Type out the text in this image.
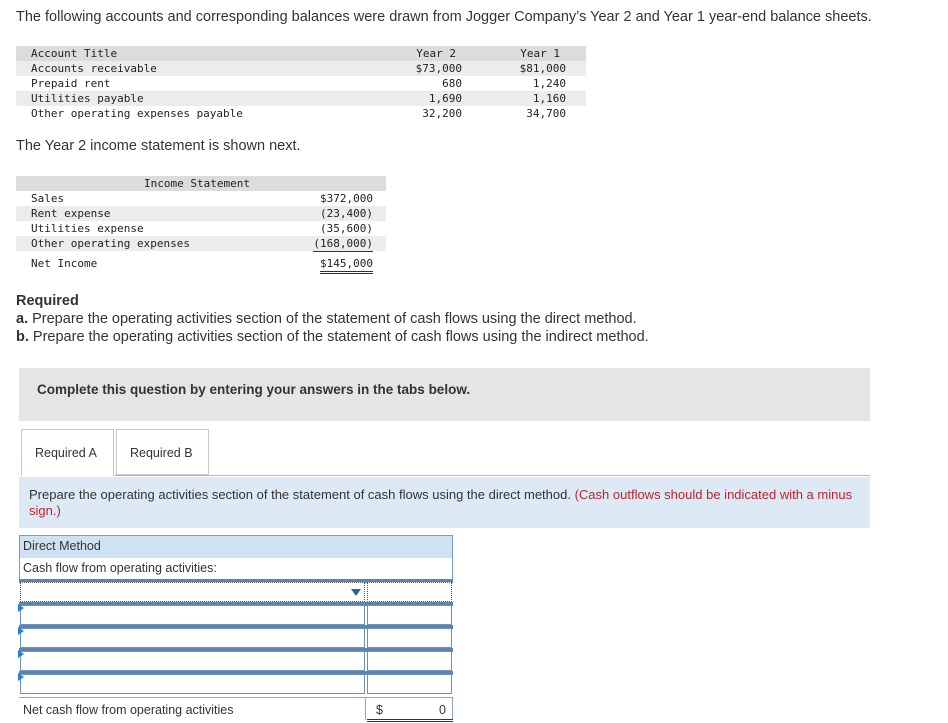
The following accounts and corresponding balances were drawn from Jogger Company’s Year 2 and Year 1 year-end balance sheets.
Account Title	Year 2	Year 1
Accounts receivable	$73,000	$81,000
Prepaid rent	680	1,240
Utilities payable	1,690	1,160
Other operating expenses payable	32,200	34,700
The Year 2 income statement is shown next.
Income Statement
Sales	$372,000
Rent expense	(23,400)
Utilities expense	(35,600)
Other operating expenses	(168,000)
Net Income	$145,000
Required
a. Prepare the operating activities section of the statement of cash flows using the direct method.
b. Prepare the operating activities section of the statement of cash flows using the indirect method.
Complete this question by entering your answers in the tabs below.
Required A	Required B
Prepare the operating activities section of the statement of cash flows using the direct method. (Cash outflows should be indicated with a minus sign.)
Direct Method
Cash flow from operating activities:
Net cash flow from operating activities	$	0
